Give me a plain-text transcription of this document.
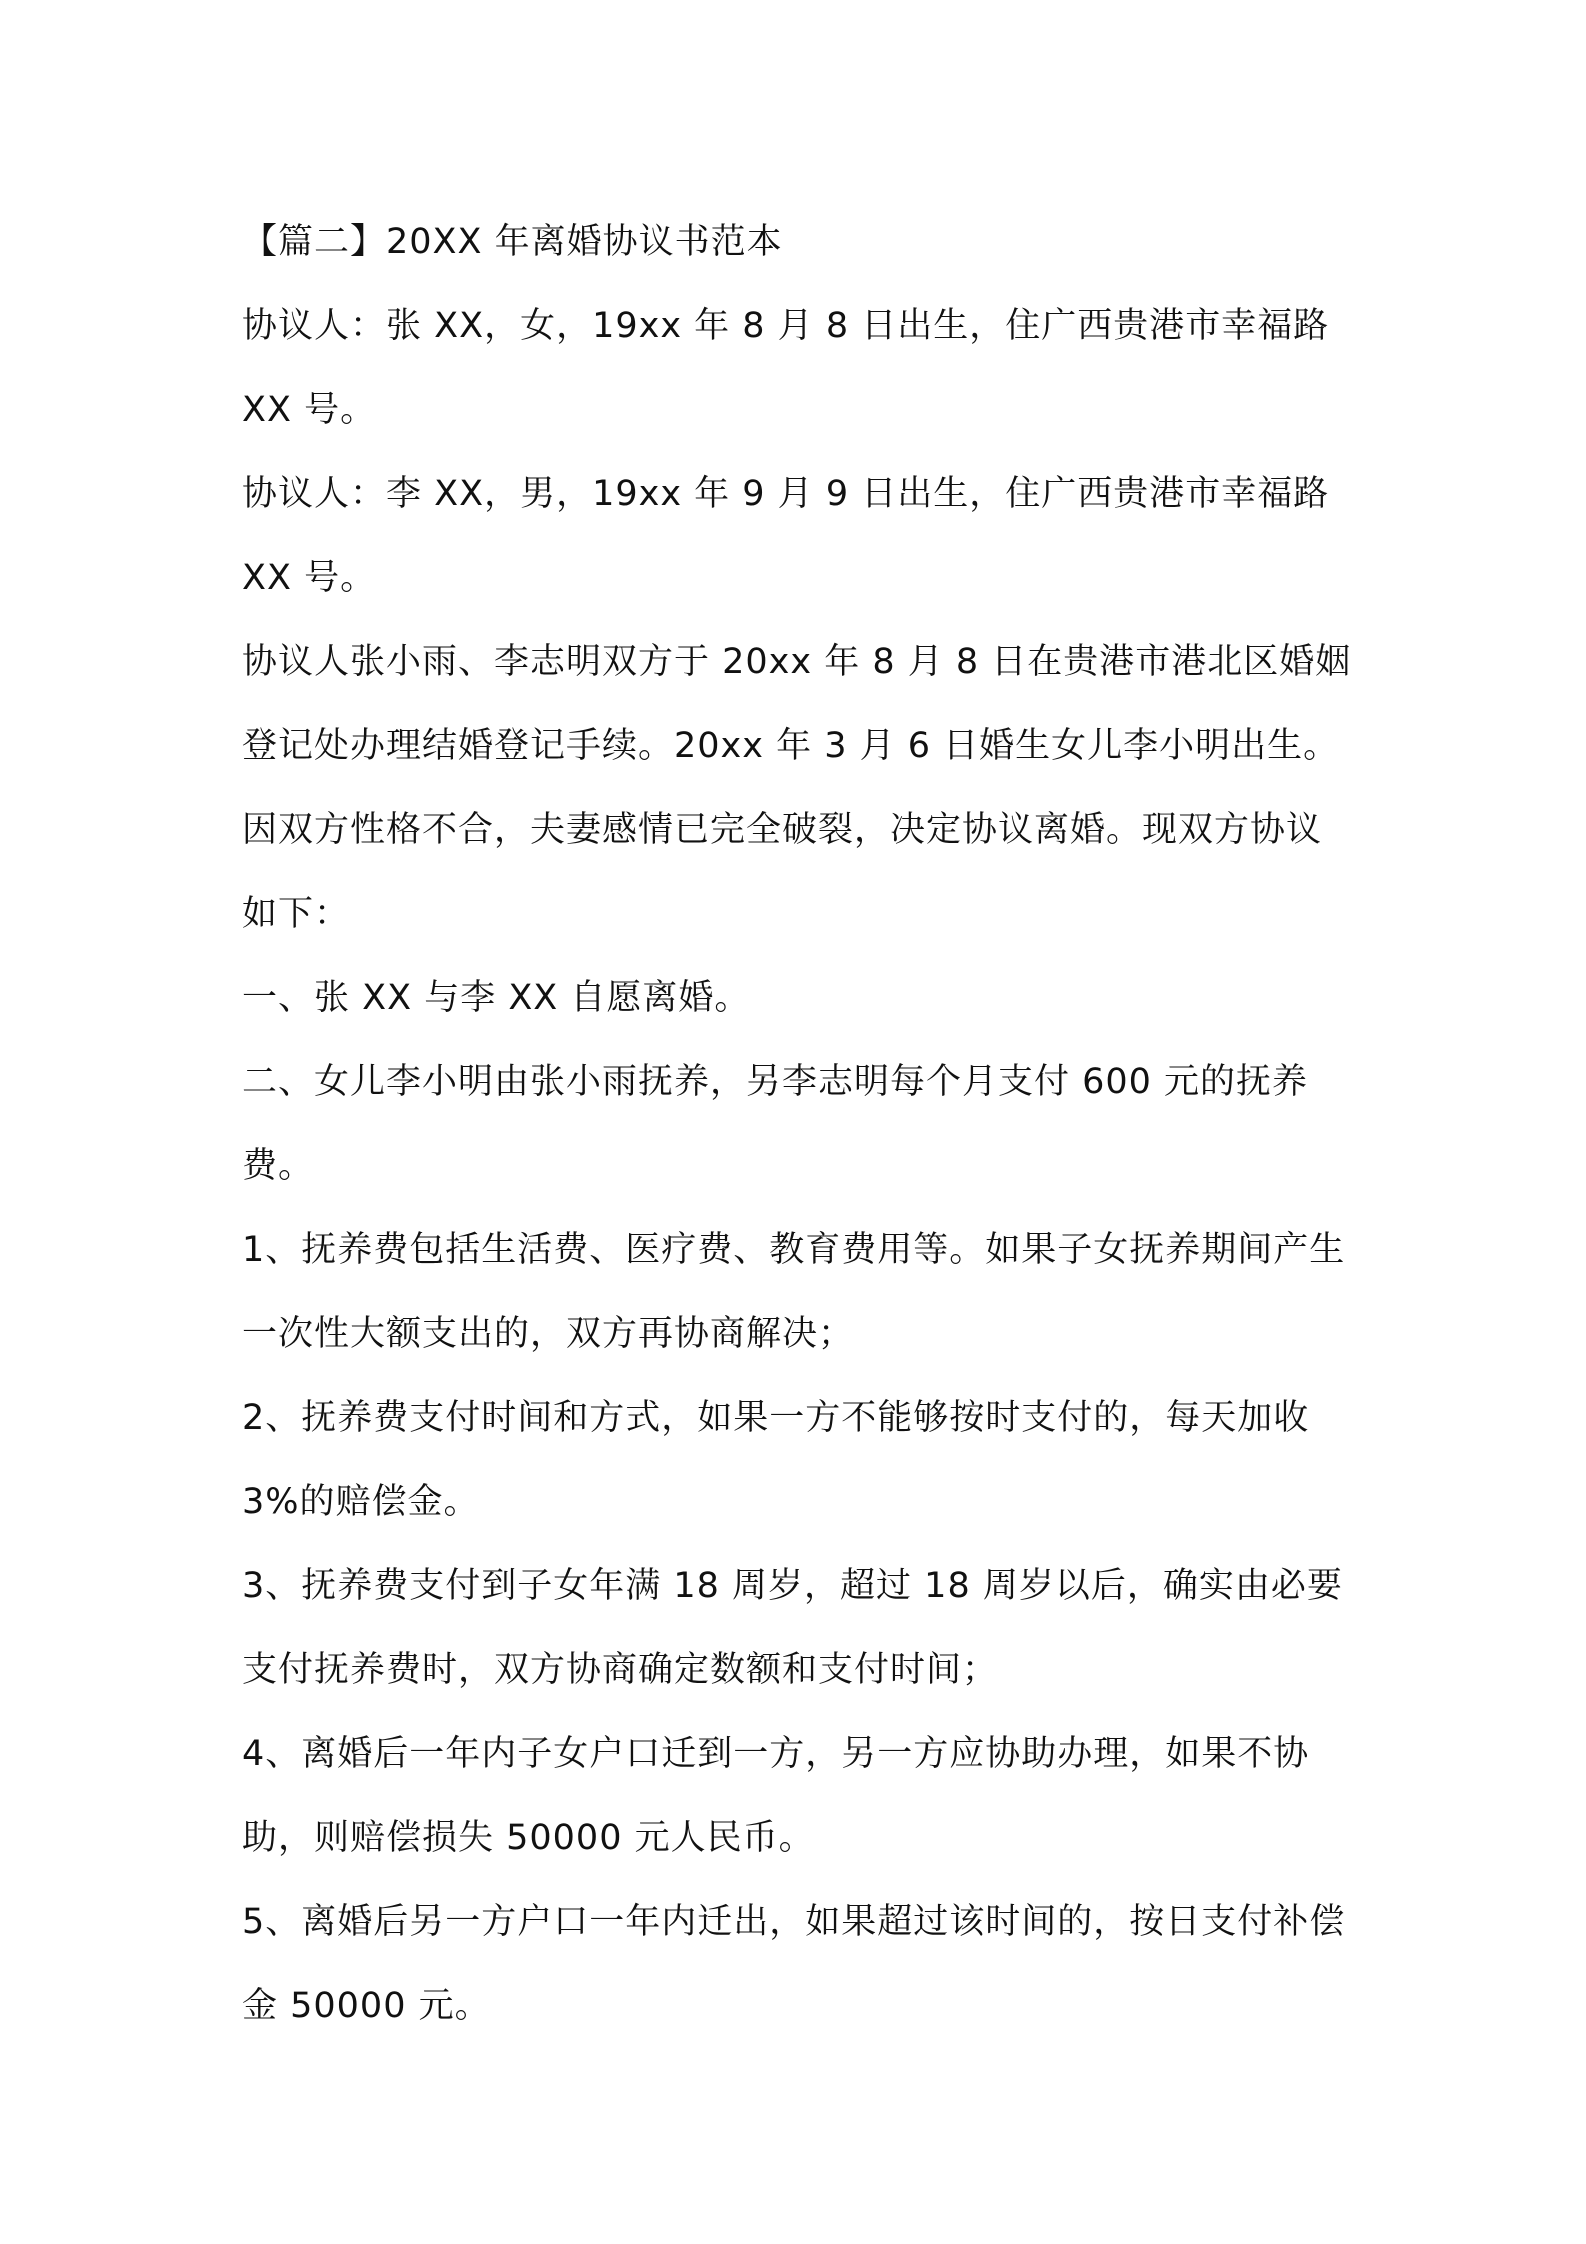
【篇二】20XX 年离婚协议书范本

协议人：张 XX，女，19xx 年 8 月 8 日出生，住广西贵港市幸福路 XX 号。

协议人：李 XX，男，19xx 年 9 月 9 日出生，住广西贵港市幸福路 XX 号。

协议人张小雨、李志明双方于 20xx 年 8 月 8 日在贵港市港北区婚姻登记处办理结婚登记手续。20xx 年 3 月 6 日婚生女儿李小明出生。因双方性格不合，夫妻感情已完全破裂，决定协议离婚。现双方协议如下：

一、张 XX 与李 XX 自愿离婚。

二、女儿李小明由张小雨抚养，另李志明每个月支付 600 元的抚养费。

1、抚养费包括生活费、医疗费、教育费用等。如果子女抚养期间产生一次性大额支出的，双方再协商解决；

2、抚养费支付时间和方式，如果一方不能够按时支付的，每天加收 3%的赔偿金。

3、抚养费支付到子女年满 18 周岁，超过 18 周岁以后，确实由必要支付抚养费时，双方协商确定数额和支付时间；

4、离婚后一年内子女户口迁到一方，另一方应协助办理，如果不协助，则赔偿损失 50000 元人民币。

5、离婚后另一方户口一年内迁出，如果超过该时间的，按日支付补偿金 50000 元。
